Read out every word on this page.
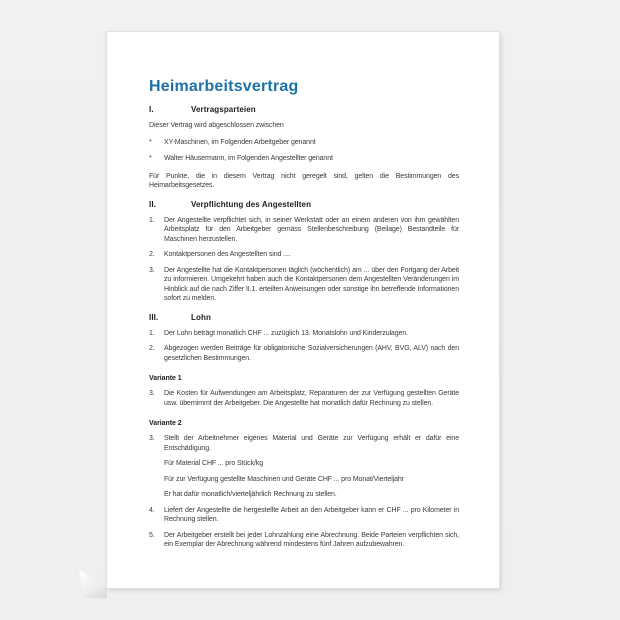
Heimarbeitsvertrag
I.	Vertragsparteien

Dieser Vertrag wird abgeschlossen zwischen

*	XY-Maschinen, im Folgenden Arbeitgeber genannt
*	Walter Häusermann, im Folgenden Angestellter genannt

Für Punkte, die in diesem Vertrag nicht geregelt sind, gelten die Bestimmungen des Heimarbeitsgesetzes.

II.	Verpflichtung des Angestellten
1.	Der Angestellte verpflichtet sich, in seiner Werkstatt oder an einem anderen von ihm gewählten Arbeitsplatz für den Arbeitgeber gemäss Stellenbeschreibung (Beilage) Bestandteile für Maschinen herzustellen.
2.	Kontaktpersonen des Angestellten sind ....
3.	Der Angestellte hat die Kontaktpersonen täglich (wöchentlich) am ... über den Fortgang der Arbeit zu informieren. Umgekehrt haben auch die Kontaktpersonen dem Angestellten Veränderungen im Hinblick auf die nach Ziffer II.1. erteilten Anweisungen oder sonstige ihn betreffende Informationen sofort zu melden.
III.	Lohn
1.	Der Lohn beträgt monatlich CHF ... zuzüglich 13. Monatslohn und Kinderzulagen.
2.	Abgezogen werden Beiträge für obligatorische Sozialversicherungen (AHV, BVG, ALV) nach den gesetzlichen Bestimmungen.
Variante 1
3.	Die Kosten für Aufwendungen am Arbeitsplatz, Reparaturen der zur Verfügung gestellten Geräte usw. übernimmt der Arbeitgeber. Die Angestellte hat monatlich dafür Rechnung zu stellen.
Variante 2
3.	Stellt der Arbeitnehmer eigenes Material und Geräte zur Verfügung erhält er dafür eine Entschädigung.

Für Material CHF ... pro Stück/kg

Für zur Verfügung gestellte Maschinen und Geräte CHF ... pro Monat/Vierteljahr

Er hat dafür monatlich/vierteljährlich Rechnung zu stellen.

4.	Liefert der Angestellte die hergestellte Arbeit an den Arbeitgeber kann er CHF ... pro Kilometer in Rechnung stellen.
5.	Der Arbeitgeber erstellt bei jeder Lohnzahlung eine Abrechnung. Beide Parteien verpflichten sich, ein Exemplar der Abrechnung während mindestens fünf Jahren aufzubewahren.
